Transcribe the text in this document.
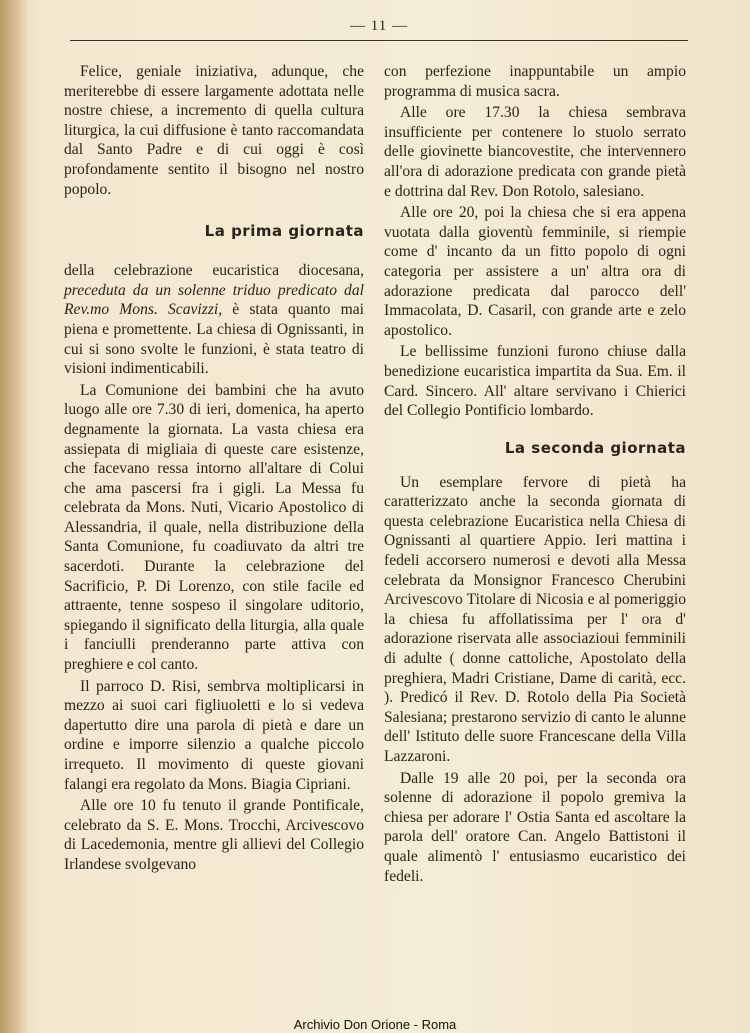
— 11 —

Felice, geniale iniziativa, adunque, che meriterebbe di essere largamente adottata nelle nostre chiese, a incremento di quella cultura liturgica, la cui diffusione è tanto raccomandata dal Santo Padre e di cui oggi è così profondamente sentito il bisogno nel nostro popolo.

La prima giornata

della celebrazione eucaristica diocesana, preceduta da un solenne triduo predicato dal Rev.mo Mons. Scavizzi, è stata quanto mai piena e promettente. La chiesa di Ognissanti, in cui si sono svolte le funzioni, è stata teatro di visioni indimenticabili.

La Comunione dei bambini che ha avuto luogo alle ore 7.30 di ieri, domenica, ha aperto degnamente la giornata. La vasta chiesa era assiepata di migliaia di queste care esistenze, che facevano ressa intorno all'altare di Colui che ama pascersi fra i gigli. La Messa fu celebrata da Mons. Nuti, Vicario Apostolico di Alessandria, il quale, nella distribuzione della Santa Comunione, fu coadiuvato da altri tre sacerdoti. Durante la celebrazione del Sacrificio, P. Di Lorenzo, con stile facile ed attraente, tenne sospeso il singolare uditorio, spiegando il significato della liturgia, alla quale i fanciulli prenderanno parte attiva con preghiere e col canto.

Il parroco D. Risi, sembrva moltiplicarsi in mezzo ai suoi cari figliuoletti e lo si vedeva dapertutto dire una parola di pietà e dare un ordine e imporre silenzio a qualche piccolo irrequeto. Il movimento di queste giovani falangi era regolato da Mons. Biagia Cipriani.

Alle ore 10 fu tenuto il grande Pontificale, celebrato da S. E. Mons. Trocchi, Arcivescovo di Lacedemonia, mentre gli allievi del Collegio Irlandese svolgevano

con perfezione inappuntabile un ampio programma di musica sacra.

Alle ore 17.30 la chiesa sembrava insufficiente per contenere lo stuolo serrato delle giovinette biancovestite, che intervennero all'ora di adorazione predicata con grande pietà e dottrina dal Rev. Don Rotolo, salesiano.

Alle ore 20, poi la chiesa che si era appena vuotata dalla gioventù femminile, si riempie come d' incanto da un fitto popolo di ogni categoria per assistere a un' altra ora di adorazione predicata dal parocco dell' Immacolata, D. Casaril, con grande arte e zelo apostolico.

Le bellissime funzioni furono chiuse dalla benedizione eucaristica impartita da Sua. Em. il Card. Sincero. All' altare servivano i Chierici del Collegio Pontificio lombardo.

La seconda giornata

Un esemplare fervore di pietà ha caratterizzato anche la seconda giornata di questa celebrazione Eucaristica nella Chiesa di Ognissanti al quartiere Appio. Ieri mattina i fedeli accorsero numerosi e devoti alla Messa celebrata da Monsignor Francesco Cherubini Arcivescovo Titolare di Nicosia e al pomeriggio la chiesa fu affollatissima per l' ora d' adorazione riservata alle associazioui femminili di adulte ( donne cattoliche, Apostolato della preghiera, Madri Cristiane, Dame di carità, ecc. ). Predicó il Rev. D. Rotolo della Pia Società Salesiana; prestarono servizio di canto le alunne dell' Istituto delle suore Francescane della Villa Lazzaroni.

Dalle 19 alle 20 poi, per la seconda ora solenne di adorazione il popolo gremiva la chiesa per adorare l' Ostia Santa ed ascoltare la parola dell' oratore Can. Angelo Battistoni il quale alimentò l' entusiasmo eucaristico dei fedeli.

Archivio Don Orione - Roma
